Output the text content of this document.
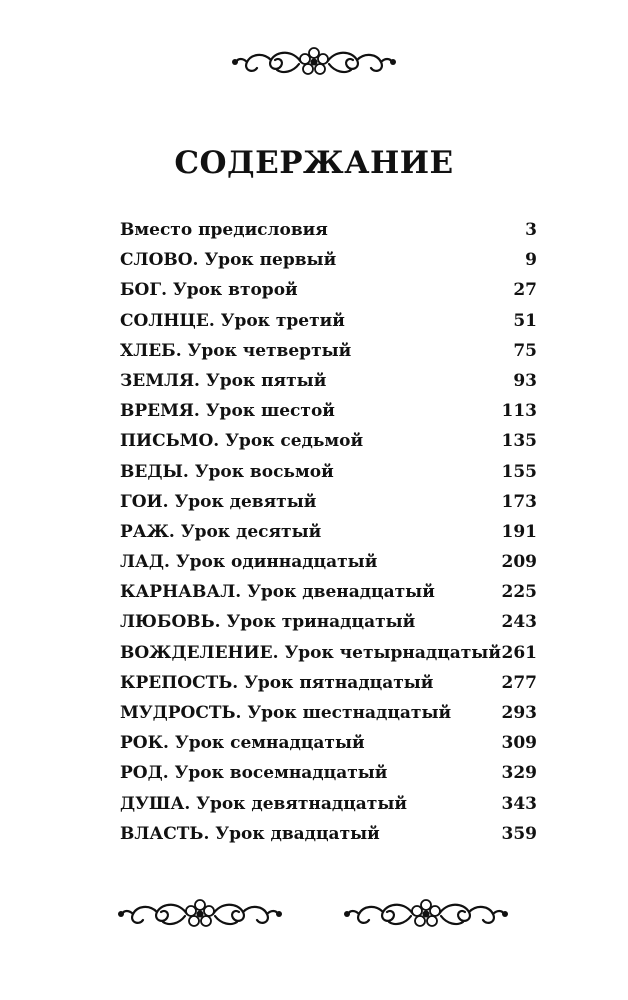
СОДЕРЖАНИЕ
Вместо предисловия	3
СЛОВО. Урок первый	9
БОГ. Урок второй	27
СОЛНЦЕ. Урок третий	51
ХЛЕБ. Урок четвертый	75
ЗЕМЛЯ. Урок пятый	93
ВРЕМЯ. Урок шестой	113
ПИСЬМО. Урок седьмой	135
ВЕДЫ. Урок восьмой	155
ГОИ. Урок девятый	173
РАЖ. Урок десятый	191
ЛАД. Урок одиннадцатый	209
КАРНАВАЛ. Урок двенадцатый	225
ЛЮБОВЬ. Урок тринадцатый	243
ВОЖДЕЛЕНИЕ. Урок четырнадцатый 261
КРЕПОСТЬ. Урок пятнадцатый	277
МУДРОСТЬ. Урок шестнадцатый	293
РОК. Урок семнадцатый	309
РОД. Урок восемнадцатый	329
ДУША. Урок девятнадцатый	343
ВЛАСТЬ. Урок двадцатый	359
